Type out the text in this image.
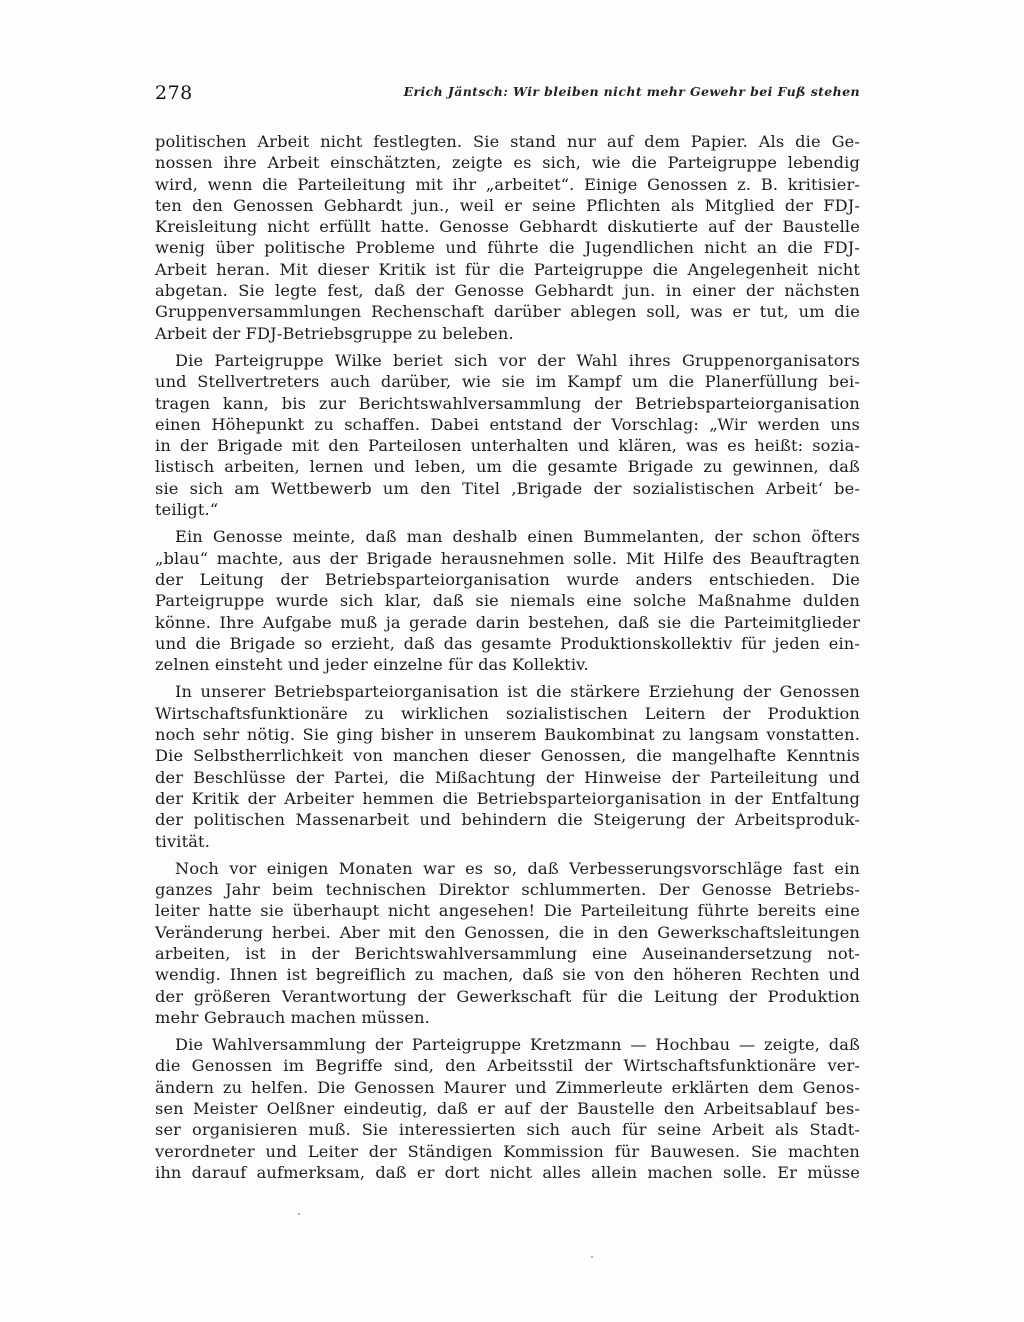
278	Erich Jäntsch: Wir bleiben nicht mehr Gewehr bei Fuß stehen
politischen Arbeit nicht festlegten. Sie stand nur auf dem Papier. Als die Ge-
nossen ihre Arbeit einschätzten, zeigte es sich, wie die Parteigruppe lebendig
wird, wenn die Parteileitung mit ihr „arbeitet“. Einige Genossen z. B. kritisier-
ten den Genossen Gebhardt jun., weil er seine Pflichten als Mitglied der FDJ-
Kreisleitung nicht erfüllt hatte. Genosse Gebhardt diskutierte auf der Baustelle
wenig über politische Probleme und führte die Jugendlichen nicht an die FDJ-
Arbeit heran. Mit dieser Kritik ist für die Parteigruppe die Angelegenheit nicht
abgetan. Sie legte fest, daß der Genosse Gebhardt jun. in einer der nächsten
Gruppenversammlungen Rechenschaft darüber ablegen soll, was er tut, um die
Arbeit der FDJ-Betriebsgruppe zu beleben.
Die Parteigruppe Wilke beriet sich vor der Wahl ihres Gruppenorganisators
und Stellvertreters auch darüber, wie sie im Kampf um die Planerfüllung bei-
tragen kann, bis zur Berichtswahlversammlung der Betriebsparteiorganisation
einen Höhepunkt zu schaffen. Dabei entstand der Vorschlag: „Wir werden uns
in der Brigade mit den Parteilosen unterhalten und klären, was es heißt: sozia-
listisch arbeiten, lernen und leben, um die gesamte Brigade zu gewinnen, daß
sie sich am Wettbewerb um den Titel ‚Brigade der sozialistischen Arbeit‘ be-
teiligt.“
Ein Genosse meinte, daß man deshalb einen Bummelanten, der schon öfters
„blau“ machte, aus der Brigade herausnehmen solle. Mit Hilfe des Beauftragten
der Leitung der Betriebsparteiorganisation wurde anders entschieden. Die
Parteigruppe wurde sich klar, daß sie niemals eine solche Maßnahme dulden
könne. Ihre Aufgabe muß ja gerade darin bestehen, daß sie die Parteimitglieder
und die Brigade so erzieht, daß das gesamte Produktionskollektiv für jeden ein-
zelnen einsteht und jeder einzelne für das Kollektiv.
In unserer Betriebsparteiorganisation ist die stärkere Erziehung der Genossen
Wirtschaftsfunktionäre zu wirklichen sozialistischen Leitern der Produktion
noch sehr nötig. Sie ging bisher in unserem Baukombinat zu langsam vonstatten.
Die Selbstherrlichkeit von manchen dieser Genossen, die mangelhafte Kenntnis
der Beschlüsse der Partei, die Mißachtung der Hinweise der Parteileitung und
der Kritik der Arbeiter hemmen die Betriebsparteiorganisation in der Entfaltung
der politischen Massenarbeit und behindern die Steigerung der Arbeitsproduk-
tivität.
Noch vor einigen Monaten war es so, daß Verbesserungsvorschläge fast ein
ganzes Jahr beim technischen Direktor schlummerten. Der Genosse Betriebs-
leiter hatte sie überhaupt nicht angesehen! Die Parteileitung führte bereits eine
Veränderung herbei. Aber mit den Genossen, die in den Gewerkschaftsleitungen
arbeiten, ist in der Berichtswahlversammlung eine Auseinandersetzung not-
wendig. Ihnen ist begreiflich zu machen, daß sie von den höheren Rechten und
der größeren Verantwortung der Gewerkschaft für die Leitung der Produktion
mehr Gebrauch machen müssen.
Die Wahlversammlung der Parteigruppe Kretzmann — Hochbau — zeigte, daß
die Genossen im Begriffe sind, den Arbeitsstil der Wirtschaftsfunktionäre ver-
ändern zu helfen. Die Genossen Maurer und Zimmerleute erklärten dem Genos-
sen Meister Oelßner eindeutig, daß er auf der Baustelle den Arbeitsablauf bes-
ser organisieren muß. Sie interessierten sich auch für seine Arbeit als Stadt-
verordneter und Leiter der Ständigen Kommission für Bauwesen. Sie machten
ihn darauf aufmerksam, daß er dort nicht alles allein machen solle. Er müsse
